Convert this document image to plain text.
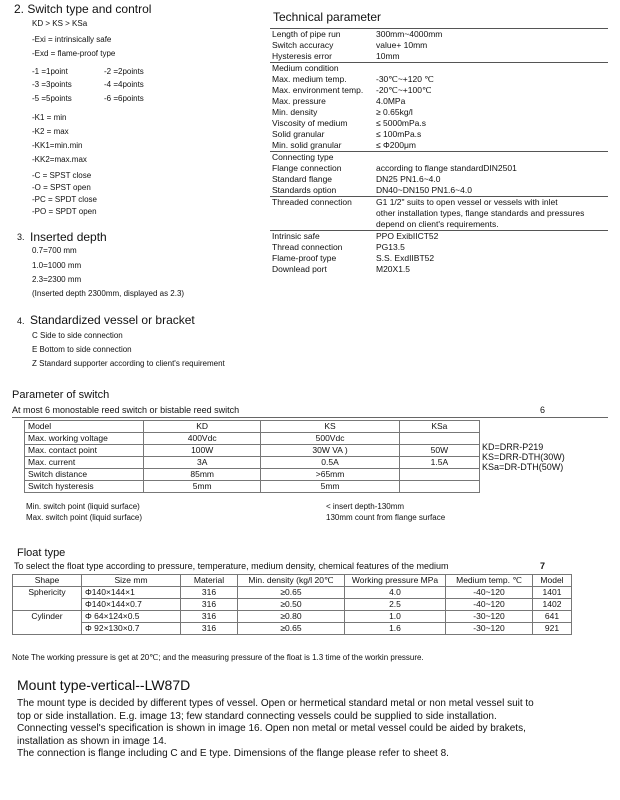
2. Switch type and control
KD > KS > KSa
-Exi = intrinsically safe
-Exd = flame-proof type
-1 =1point	-2 =2points
-3 =3points	-4 =4points
-5 =5points	-6 =6points
-K1 = min
-K2 = max
-KK1=min.min
-KK2=max.max
-C = SPST close
-O = SPST open
-PC = SPDT close
-PO = SPDT open
3. Inserted depth
0.7=700 mm
1.0=1000 mm
2.3=2300 mm
(Inserted depth 2300mm, displayed as 2.3)
4. Standardized vessel or bracket
C Side to side connection
E Bottom to side connection
Z Standard supporter according to client's requirement
Technical parameter
Length of pipe run	300mm~4000mm
Switch accuracy	value+ 10mm
Hysteresis error	10mm
Medium condition	
Max. medium temp.	-30℃~+120 ℃
Max. environment temp.	-20℃~+100℃
Max. pressure	4.0MPa
Min. density	≥ 0.65kg/l
Viscosity of medium	≤ 5000mPa.s
Solid granular	≤ 100mPa.s
Min. solid granular	≤ Φ200μm
Connecting type	
Flange connection	according to flange standardDIN2501
Standard flange	DN25 PN1.6~4.0
Standards option	DN40~DN150 PN1.6~4.0
Threaded connection	G1 1/2" suits to open vessel or vessels with inlet
	other installation types, flange standards and pressures
	depend on client's requirements.
Intrinsic safe	PPO ExibIICT52
Thread connection	PG13.5
Flame-proof type	S.S. ExdIIBT52
Downlead port	M20X1.5
Parameter of switch
At most 6 monostable reed switch or bistable reed switch	6
Model	KD	KS	KSa
Max. working voltage	400Vdc	500Vdc	
Max. contact point	100W	30W VA )	50W
Max. current	3A	0.5A	1.5A
Switch distance	85mm	>65mm	
Switch hysteresis	5mm	5mm	
KD=DRR-P219
KS=DRR-DTH(30W)
KSa=DR-DTH(50W)
Min. switch point (liquid surface)	< insert depth-130mm
Max. switch point (liquid surface)	130mm count from flange surface
Float type
To select the float type according to pressure, temperature, medium density, chemical features of the medium	7
Shape	Size mm	Material	Min. density (kg/l 20℃	Working pressure MPa	Medium temp. ℃	Model
Sphericity	Φ140×144×1	316	≥0.65	4.0	-40~120	1401
	Φ140×144×0.7	316	≥0.50	2.5	-40~120	1402
Cylinder	Φ 64×124×0.5	316	≥0.80	1.0	-30~120	641
	Φ 92×130×0.7	316	≥0.65	1.6	-30~120	921
Note The working pressure is get at 20℃; and the measuring pressure of the float is 1.3 time of the workin pressure.
Mount type-vertical--LW87D
The mount type is decided by different types of vessel. Open or hermetical standard metal or non metal vessel suit to
top or side installation. E.g. image 13; few standard connecting vessels could be supplied to side installation.
Connecting vessel's specification is shown in image 16. Open non metal or metal vessel could be aided by brakets,
installation as shown in image 14.
The connection is flange including C and E type. Dimensions of the flange please refer to sheet 8.
